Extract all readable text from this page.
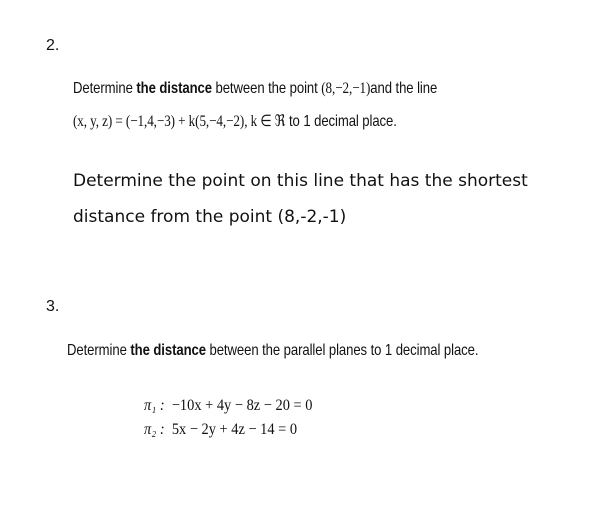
2.
Determine the distance between the point (8,−2,−1)and the line
(x, y, z) = (−1,4,−3) + k(5,−4,−2), k ∈ ℜ to 1 decimal place.
Determine the point on this line that has the shortest
distance from the point (8,-2,-1)
3.
Determine the distance between the parallel planes to 1 decimal place.
π₁ : −10x + 4y − 8z − 20 = 0
π₂ : 5x − 2y + 4z − 14 = 0
